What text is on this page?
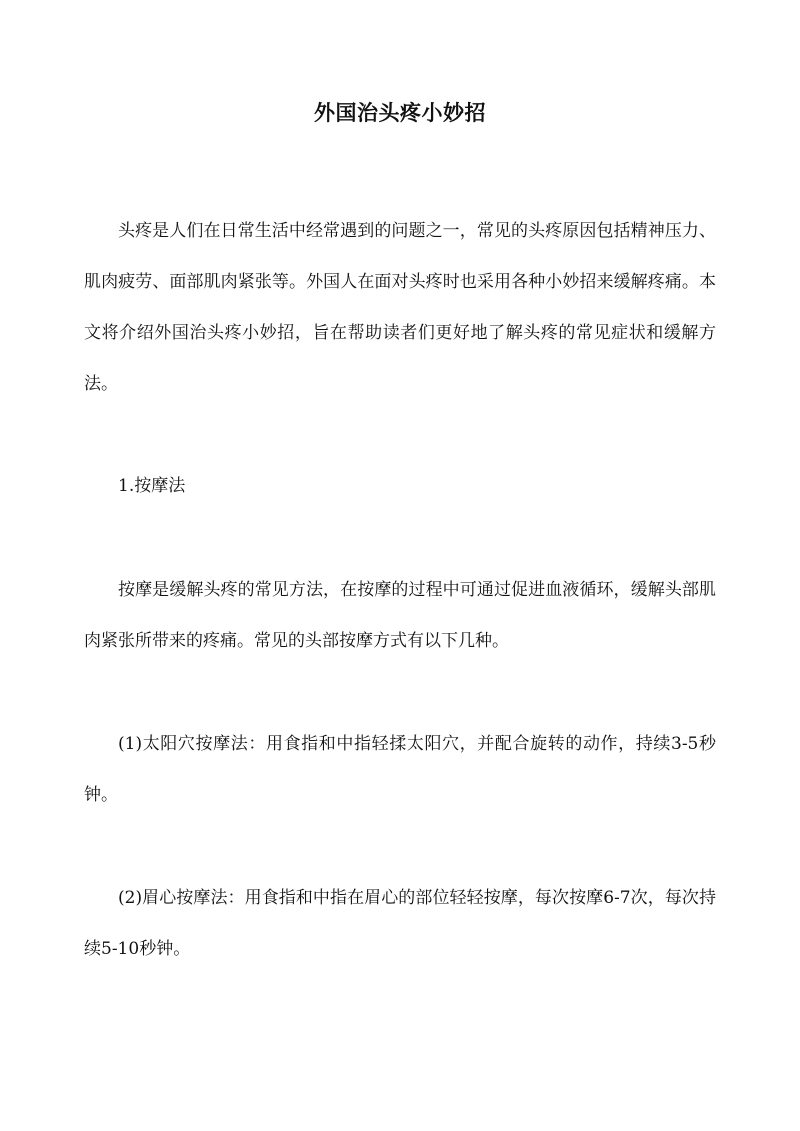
外国治头疼小妙招

头疼是人们在日常生活中经常遇到的问题之一，常见的头疼原因包括精神压力、肌肉疲劳、面部肌肉紧张等。外国人在面对头疼时也采用各种小妙招来缓解疼痛。本文将介绍外国治头疼小妙招，旨在帮助读者们更好地了解头疼的常见症状和缓解方法。

1.按摩法

按摩是缓解头疼的常见方法，在按摩的过程中可通过促进血液循环，缓解头部肌肉紧张所带来的疼痛。常见的头部按摩方式有以下几种。

(1)太阳穴按摩法：用食指和中指轻揉太阳穴，并配合旋转的动作，持续3-5秒钟。

(2)眉心按摩法：用食指和中指在眉心的部位轻轻按摩，每次按摩6-7次，每次持续5-10秒钟。
